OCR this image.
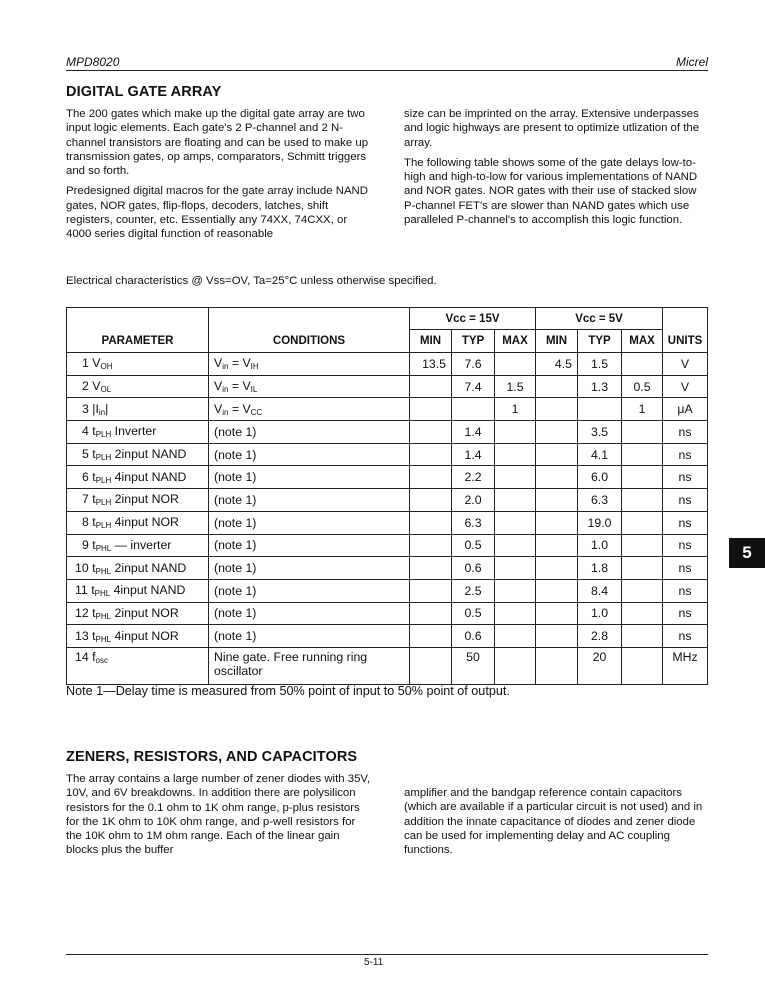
MPD8020	Micrel
DIGITAL GATE ARRAY

The 200 gates which make up the digital gate array are two input logic elements. Each gate's 2 P-channel and 2 N-channel transistors are floating and can be used to make up transmission gates, op amps, comparators, Schmitt triggers and so forth.

Predesigned digital macros for the gate array include NAND gates, NOR gates, flip-flops, decoders, latches, shift registers, counter, etc. Essentially any 74XX, 74CXX, or 4000 series digital function of reasonable

size can be imprinted on the array. Extensive underpasses and logic highways are present to optimize utlization of the array.

The following table shows some of the gate delays low-to-high and high-to-low for various implementations of NAND and NOR gates. NOR gates with their use of stacked slow P-channel FET's are slower than NAND gates which use paralleled P-channel's to accomplish this logic function.

Electrical characteristics @ Vss=OV, Ta=25°C unless otherwise specified.
		Vcc = 15V			Vcc = 5V			
PARAMETER	CONDITIONS	MIN	TYP	MAX	MIN	TYP	MAX	UNITS
1 $V_{OH}$	$V_{in} = V_{IH}$	13.5	7.6		4.5	1.5		V
2 $V_{OL}$	$V_{in} = V_{IL}$		7.4	1.5		1.3	0.5	V
3 $|I_{in}|$	$V_{in} = V_{CC}$			1			1	μA
4 $t_{PLH}$ Inverter	(note 1)		1.4			3.5		ns
5 $t_{PLH}$ 2input NAND	(note 1)		1.4			4.1		ns
6 $t_{PLH}$ 4input NAND	(note 1)		2.2			6.0		ns
7 $t_{PLH}$ 2input NOR	(note 1)		2.0			6.3		ns
8 $t_{PLH}$ 4input NOR	(note 1)		6.3			19.0		ns
9 $t_{PHL}$ — inverter	(note 1)		0.5			1.0		ns
10 $t_{PHL}$ 2input NAND	(note 1)		0.6			1.8		ns
11 $t_{PHL}$ 4input NAND	(note 1)		2.5			8.4		ns
12 $t_{PHL}$ 2input NOR	(note 1)		0.5			1.0		ns
13 $t_{PHL}$ 4input NOR	(note 1)		0.6			2.8		ns
14 $f_{osc}$	Nine gate. Free running ring oscillator		50			20		MHz
Note 1—Delay time is measured from 50% point of input to 50% point of output.
ZENERS, RESISTORS, AND CAPACITORS

The array contains a large number of zener diodes with 35V, 10V, and 6V breakdowns. In addition there are polysilicon resistors for the 0.1 ohm to 1K ohm range, p-plus resistors for the 1K ohm to 10K ohm range, and p-well resistors for the 10K ohm to 1M ohm range. Each of the linear gain blocks plus the buffer

amplifier and the bandgap reference contain capacitors (which are available if a particular circuit is not used) and in addition the innate capacitance of diodes and zener diode can be used for implementing delay and AC coupling functions.

5
5-11
